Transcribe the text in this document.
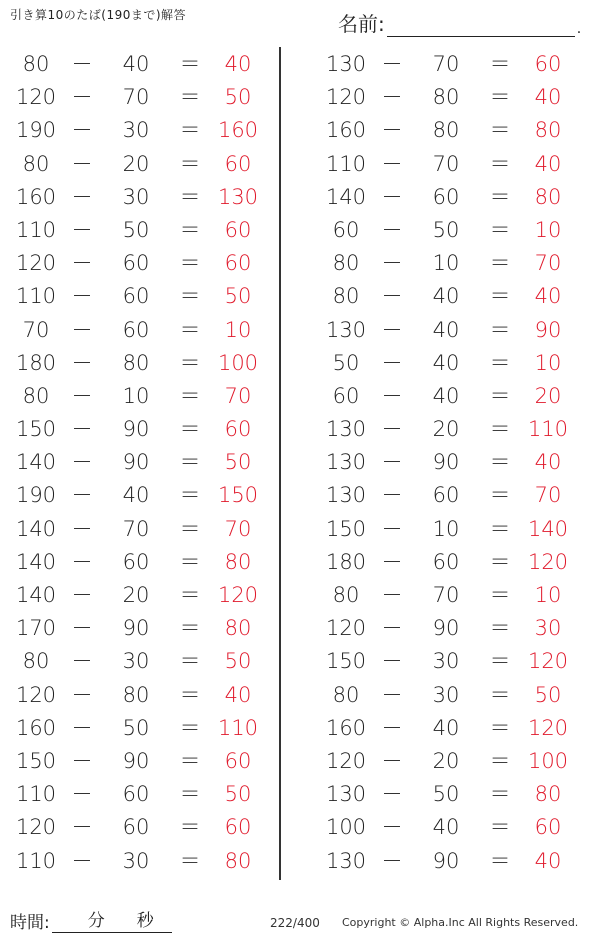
引き算10のたば(190まで)解答	名前:	.
80	－	40	＝	40
120 －	70	＝	50
190 －	30	＝ 160
80	－	20	＝	60
160 －	30	＝ 130
110 －	50	＝	60
120 －	60	＝	60
110 －	60	＝	50
70	－	60	＝	10
180 －	80	＝ 100
80	－	10	＝	70
150 －	90	＝	60
140 －	90	＝	50
190 －	40	＝ 150
140 －	70	＝	70
140 －	60	＝	80
140 －	20	＝ 120
170 －	90	＝	80
80	－	30	＝	50
120 －	80	＝	40
160 －	50	＝ 110
150 －	90	＝	60
110 －	60	＝	50
120 －	60	＝	60
110 －	30	＝	80
130 －	70	＝	60
120 －	80	＝	40
160 －	80	＝	80
110 －	70	＝	40
140 －	60	＝	80
60	－	50	＝	10
80	－	10	＝	70
80	－	40	＝	40
130 －	40	＝	90
50	－	40	＝	10
60	－	40	＝	20
130 －	20	＝ 110
130 －	90	＝	40
130 －	60	＝	70
150 －	10	＝ 140
180 －	60	＝ 120
80	－	70	＝	10
120 －	90	＝	30
150 －	30	＝ 120
80	－	30	＝	50
160 －	40	＝ 120
120 －	20	＝ 100
130 －	50	＝	80
100 －	40	＝	60
130 －	90	＝	40
時間: 分 秒	222/400 Copyright © Alpha.Inc All Rights Reserved.
